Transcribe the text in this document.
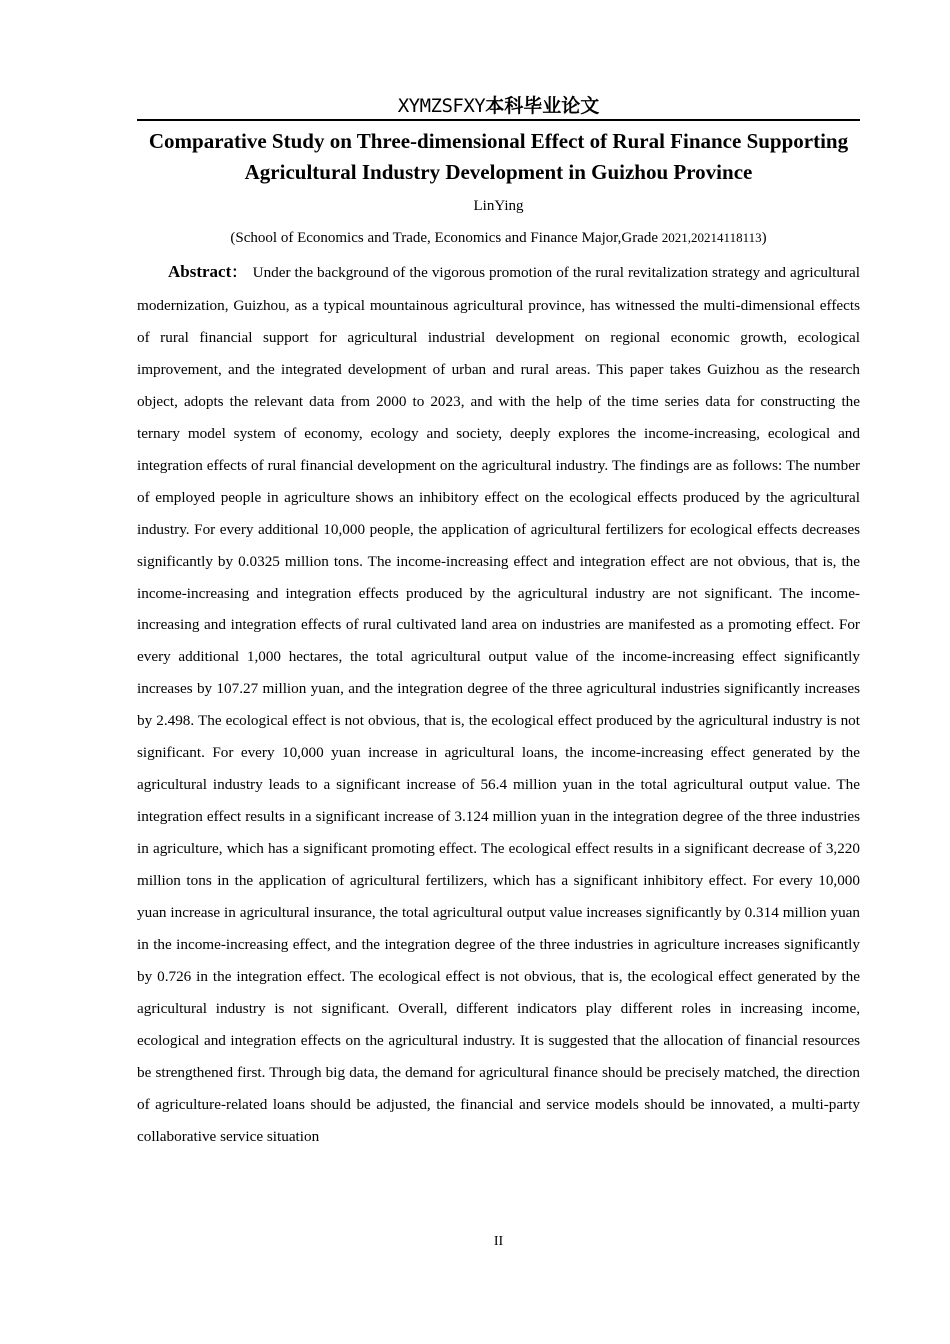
XYMZSFXY本科毕业论文
Comparative Study on Three-dimensional Effect of Rural Finance Supporting Agricultural Industry Development in Guizhou Province
LinYing
(School of Economics and Trade, Economics and Finance Major,Grade 2021,20214118113)

Abstract： Under the background of the vigorous promotion of the rural revitalization strategy and agricultural modernization, Guizhou, as a typical mountainous agricultural province, has witnessed the multi-dimensional effects of rural financial support for agricultural industrial development on regional economic growth, ecological improvement, and the integrated development of urban and rural areas. This paper takes Guizhou as the research object, adopts the relevant data from 2000 to 2023, and with the help of the time series data for constructing the ternary model system of economy, ecology and society, deeply explores the income-increasing, ecological and integration effects of rural financial development on the agricultural industry. The findings are as follows: The number of employed people in agriculture shows an inhibitory effect on the ecological effects produced by the agricultural industry. For every additional 10,000 people, the application of agricultural fertilizers for ecological effects decreases significantly by 0.0325 million tons. The income-increasing effect and integration effect are not obvious, that is, the income-increasing and integration effects produced by the agricultural industry are not significant. The income-increasing and integration effects of rural cultivated land area on industries are manifested as a promoting effect. For every additional 1,000 hectares, the total agricultural output value of the income-increasing effect significantly increases by 107.27 million yuan, and the integration degree of the three agricultural industries significantly increases by 2.498. The ecological effect is not obvious, that is, the ecological effect produced by the agricultural industry is not significant. For every 10,000 yuan increase in agricultural loans, the income-increasing effect generated by the agricultural industry leads to a significant increase of 56.4 million yuan in the total agricultural output value. The integration effect results in a significant increase of 3.124 million yuan in the integration degree of the three industries in agriculture, which has a significant promoting effect. The ecological effect results in a significant decrease of 3,220 million tons in the application of agricultural fertilizers, which has a significant inhibitory effect. For every 10,000 yuan increase in agricultural insurance, the total agricultural output value increases significantly by 0.314 million yuan in the income-increasing effect, and the integration degree of the three industries in agriculture increases significantly by 0.726 in the integration effect. The ecological effect is not obvious, that is, the ecological effect generated by the agricultural industry is not significant. Overall, different indicators play different roles in increasing income, ecological and integration effects on the agricultural industry. It is suggested that the allocation of financial resources be strengthened first. Through big data, the demand for agricultural finance should be precisely matched, the direction of agriculture-related loans should be adjusted, the financial and service models should be innovated, a multi-party collaborative service situation

II
